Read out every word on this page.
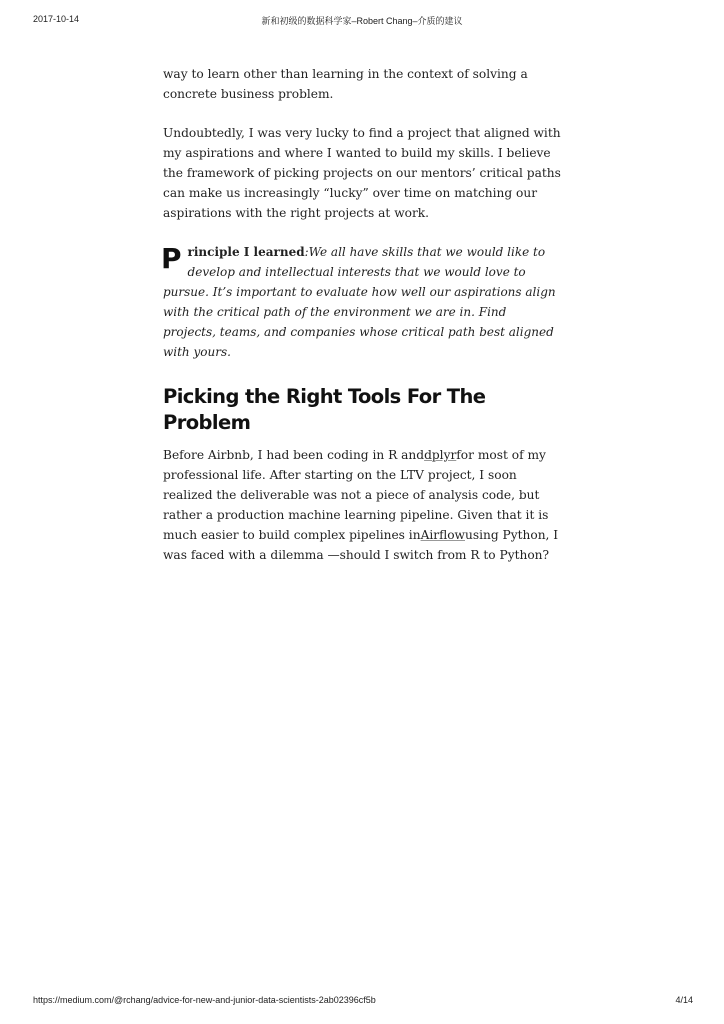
2017-10-14	新和初级的数据科学家–Robert Chang–介质的建议

way to learn other than learning in the context of solving a concrete business problem.

Undoubtedly, I was very lucky to find a project that aligned with my aspirations and where I wanted to build my skills. I believe the framework of picking projects on our mentors’ critical paths can make us increasingly “lucky” over time on matching our aspirations with the right projects at work.

P rinciple I learned:We all have skills that we would like to develop and intellectual interests that we would love to pursue. It’s important to evaluate how well our aspirations align with the critical path of the environment we are in. Find projects, teams, and companies whose critical path best aligned with yours.
Picking the Right Tools For The Problem

Before Airbnb, I had been coding in R anddplyrfor most of my professional life. After starting on the LTV project, I soon realized the deliverable was not a piece of analysis code, but rather a production machine learning pipeline. Given that it is much easier to build complex pipelines inAirflowusing Python, I was faced with a dilemma —should I switch from R to Python?

https://medium.com/@rchang/advice-for-new-and-junior-data-scientists-2ab02396cf5b	4/14
